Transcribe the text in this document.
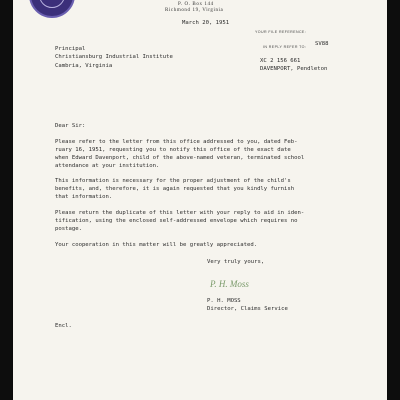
P. O. Box 144
Richmond 19, Virginia
March 20, 1951
YOUR FILE REFERENCE:
IN REPLY REFER TO: SV88
Principal
Christiansburg Industrial Institute
Cambria, Virginia
XC 2 156 661
DAVENPORT, Pendleton
Dear Sir:
Please refer to the letter from this office addressed to you, dated Feb-
ruary 16, 1951, requesting you to notify this office of the exact date
when Edward Davenport, child of the above-named veteran, terminated school
attendance at your institution.
This information is necessary for the proper adjustment of the child's
benefits, and, therefore, it is again requested that you kindly furnish
that information.
Please return the duplicate of this letter with your reply to aid in iden-
tification, using the enclosed self-addressed envelope which requires no
postage.
Your cooperation in this matter will be greatly appreciated.
Very truly yours,
P. H. Moss
P. H. MOSS
Director, Claims Service
Encl.
